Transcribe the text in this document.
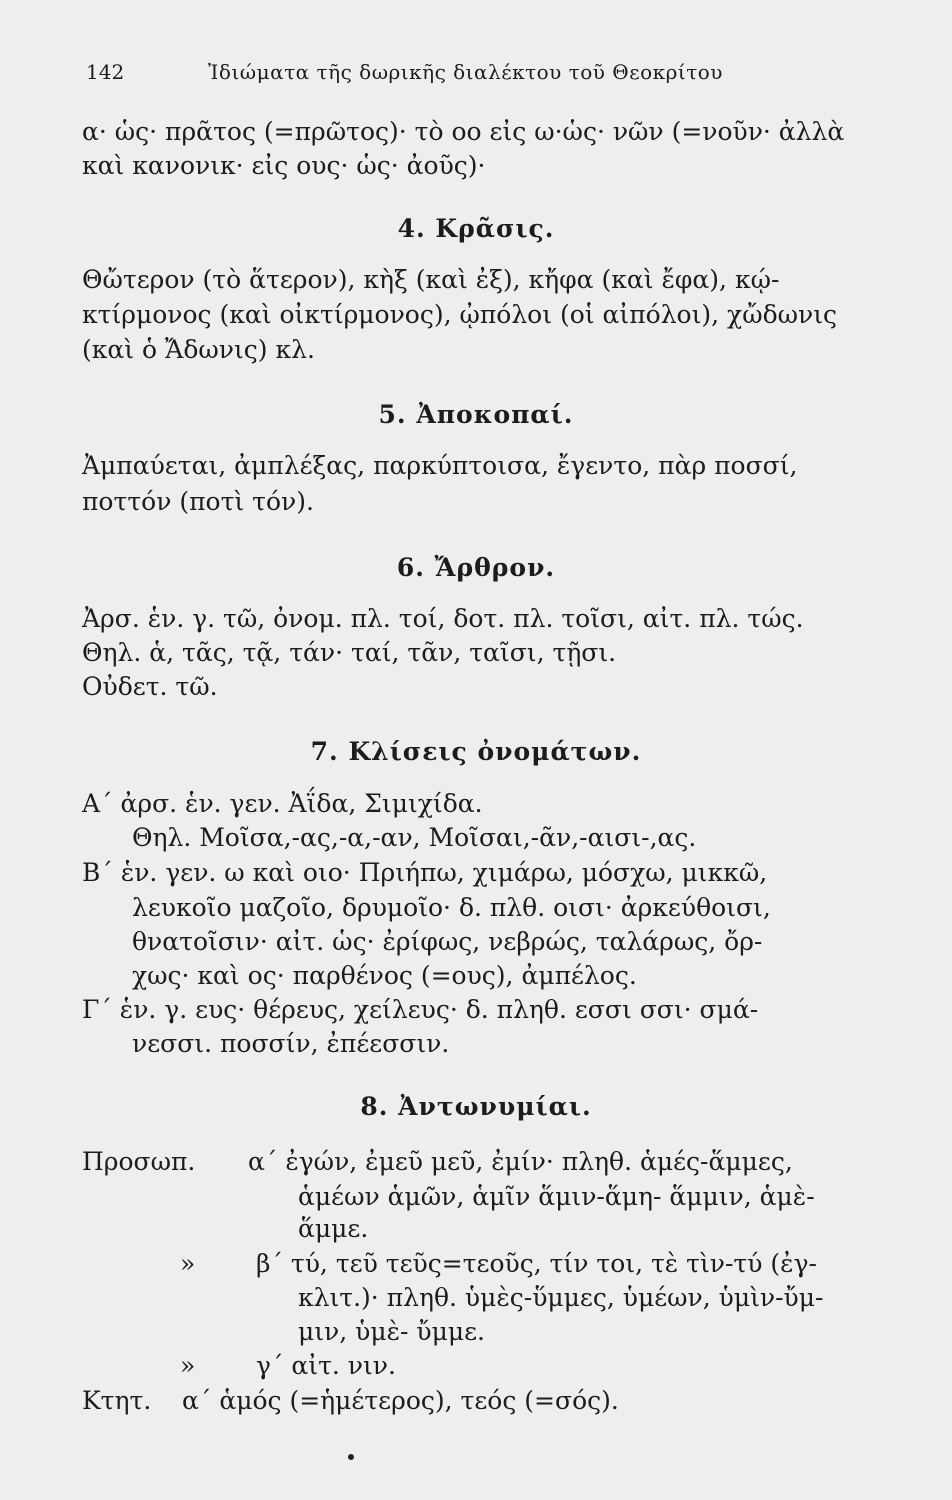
142	Ἰδιώματα τῆς δωρικῆς διαλέκτου τοῦ Θεοκρίτου
α· ὡς· πρᾶτος (=πρῶτος)· τὸ οο εἰς ω·ὡς· νῶν (=νοῦν· ἀλλὰ
καὶ κανονικ· εἰς ους· ὡς· ἀοῦς)·
4. Κρᾶσις.
Θὤτερον (τὸ ἅτερον), κὴξ (καὶ ἐξ), κἤφα (καὶ ἔφα), κῴ-
κτίρμονος (καὶ οἰκτίρμονος), ᾠπόλοι (οἱ αἰπόλοι), χὤδωνις
(καὶ ὁ Ἄδωνις) κλ.
5. Ἀποκοπαί.
Ἀμπαύεται, ἀμπλέξας, παρκύπτοισα, ἔγεντο, πὰρ ποσσί,
ποττόν (ποτὶ τόν).
6. Ἄρθρον.
Ἀρσ. ἑν. γ. τῶ, ὀνομ. πλ. τοί, δοτ. πλ. τοῖσι, αἰτ. πλ. τώς.
Θηλ. ἁ, τᾶς, τᾷ, τάν· ταί, τᾶν, ταῖσι, τῇσι.
Οὐδετ. τῶ.
7. Κλίσεις ὀνομάτων.
Α΄ ἀρσ. ἑν. γεν. Ἀΐδα, Σιμιχίδα.
Θηλ. Μοῖσα,-ας,-α,-αν, Μοῖσαι,-ᾶν,-αισι-,ας.
Β΄ ἑν. γεν. ω καὶ οιο· Πριήπω, χιμάρω, μόσχω, μικκῶ,
λευκοῖο μαζοῖο, δρυμοῖο· δ. πλθ. οισι· ἀρκεύθοισι,
θνατοῖσιν· αἰτ. ὡς· ἐρίφως, νεβρώς, ταλάρως, ὄρ-
χως· καὶ ος· παρθένος (=ους), ἀμπέλος.
Γ΄ ἑν. γ. ευς· θέρευς, χείλευς· δ. πληθ. εσσι σσι· σμά-
νεσσι. ποσσίν, ἐπέεσσιν.
8. Ἀντωνυμίαι.
Προσωπ. α΄ ἐγών, ἐμεῦ μεῦ, ἐμίν· πληθ. ἁμές-ἅμμες,
ἁμέων ἁμῶν, ἁμῖν ἅμιν-ἅμη- ἅμμιν, ἁμὲ-
ἅμμε.
» β΄ τύ, τεῦ τεῦς=τεοῦς, τίν τοι, τὲ τὶν-τύ (ἐγ-
κλιτ.)· πληθ. ὑμὲς-ὕμμες, ὑμέων, ὑμὶν-ὔμ-
μιν, ὑμὲ- ὔμμε.
» γ΄ αἰτ. νιν.
Κτητ. α΄ ἁμός (=ἡμέτερος), τεός (=σός).
